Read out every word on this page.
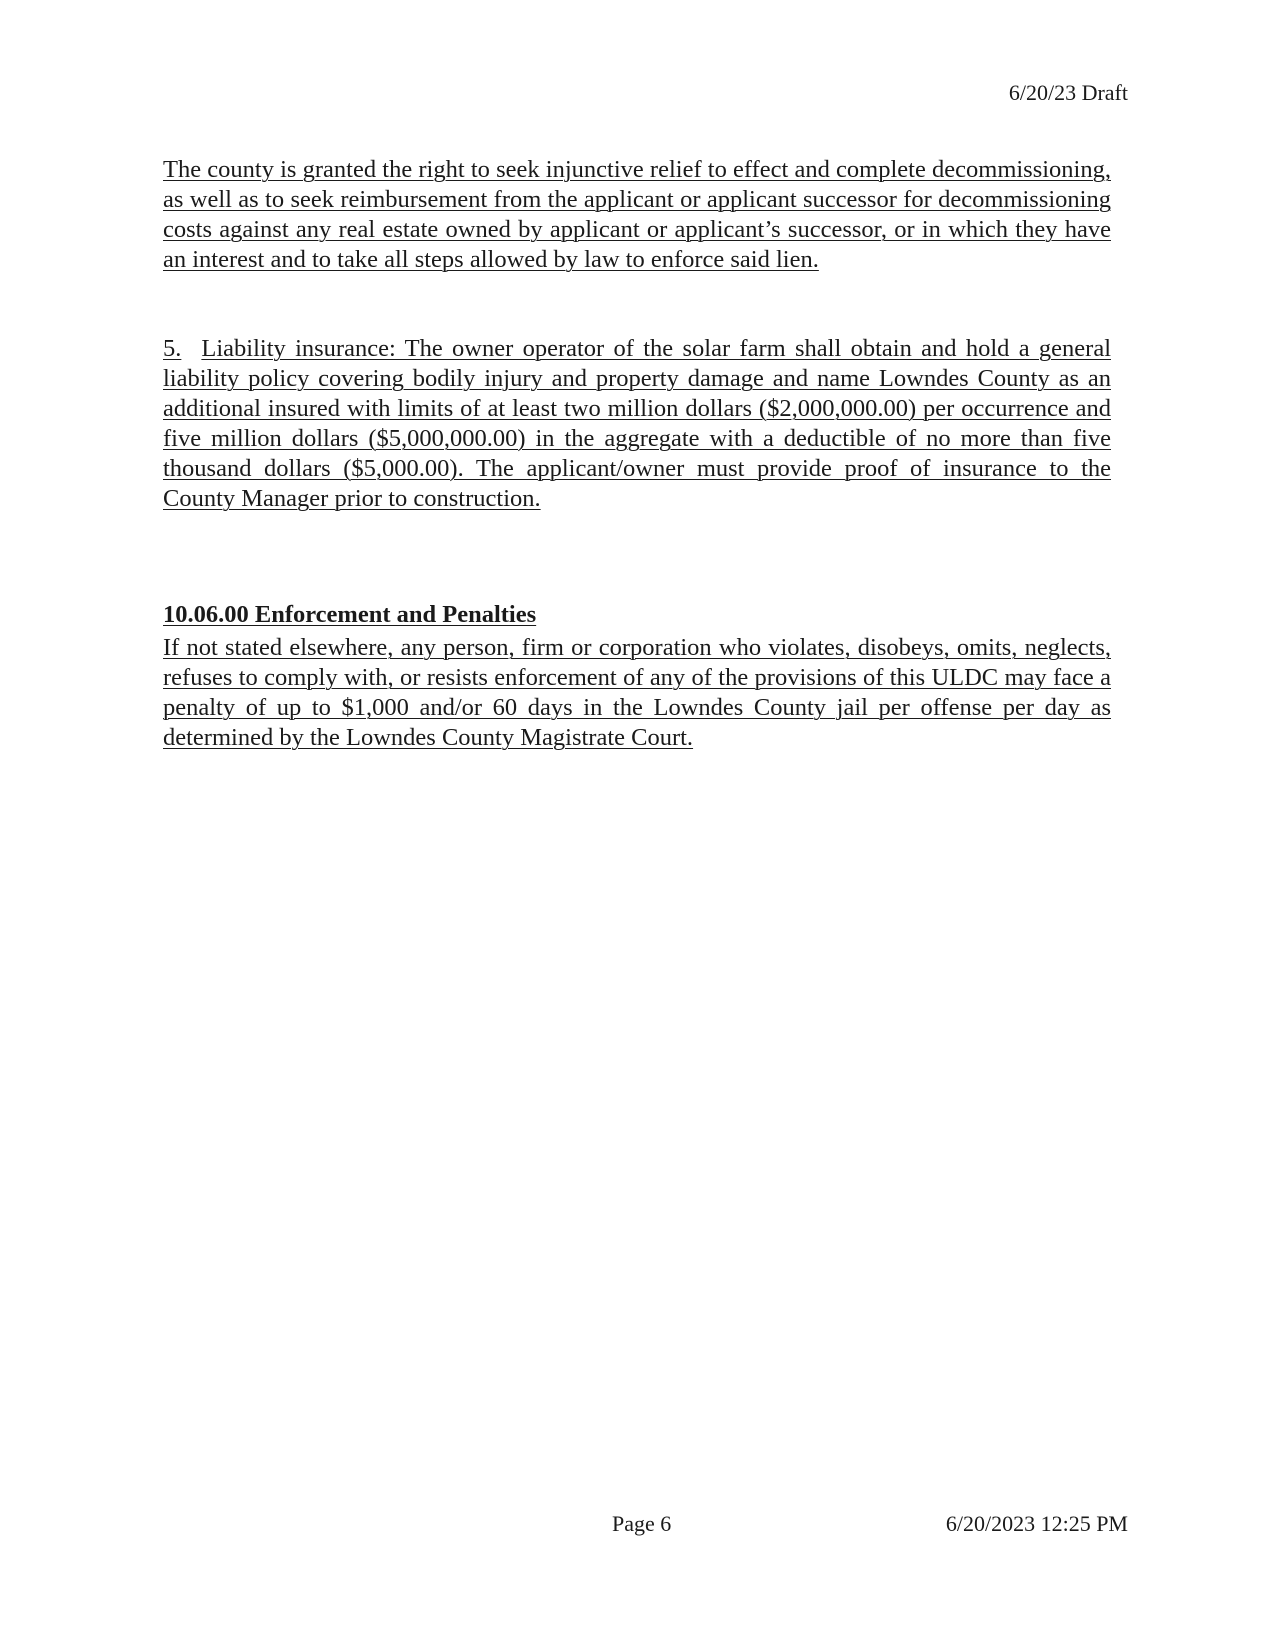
6/20/23 Draft
The county is granted the right to seek injunctive relief to effect and complete decommissioning, as well as to seek reimbursement from the applicant or applicant successor for decommissioning costs against any real estate owned by applicant or applicant’s successor, or in which they have an interest and to take all steps allowed by law to enforce said lien.
5. Liability insurance: The owner operator of the solar farm shall obtain and hold a general liability policy covering bodily injury and property damage and name Lowndes County as an additional insured with limits of at least two million dollars ($2,000,000.00) per occurrence and five million dollars ($5,000,000.00) in the aggregate with a deductible of no more than five thousand dollars ($5,000.00). The applicant/owner must provide proof of insurance to the County Manager prior to construction.
10.06.00 Enforcement and Penalties
If not stated elsewhere, any person, firm or corporation who violates, disobeys, omits, neglects, refuses to comply with, or resists enforcement of any of the provisions of this ULDC may face a penalty of up to $1,000 and/or 60 days in the Lowndes County jail per offense per day as determined by the Lowndes County Magistrate Court.
Page 6	6/20/2023 12:25 PM
